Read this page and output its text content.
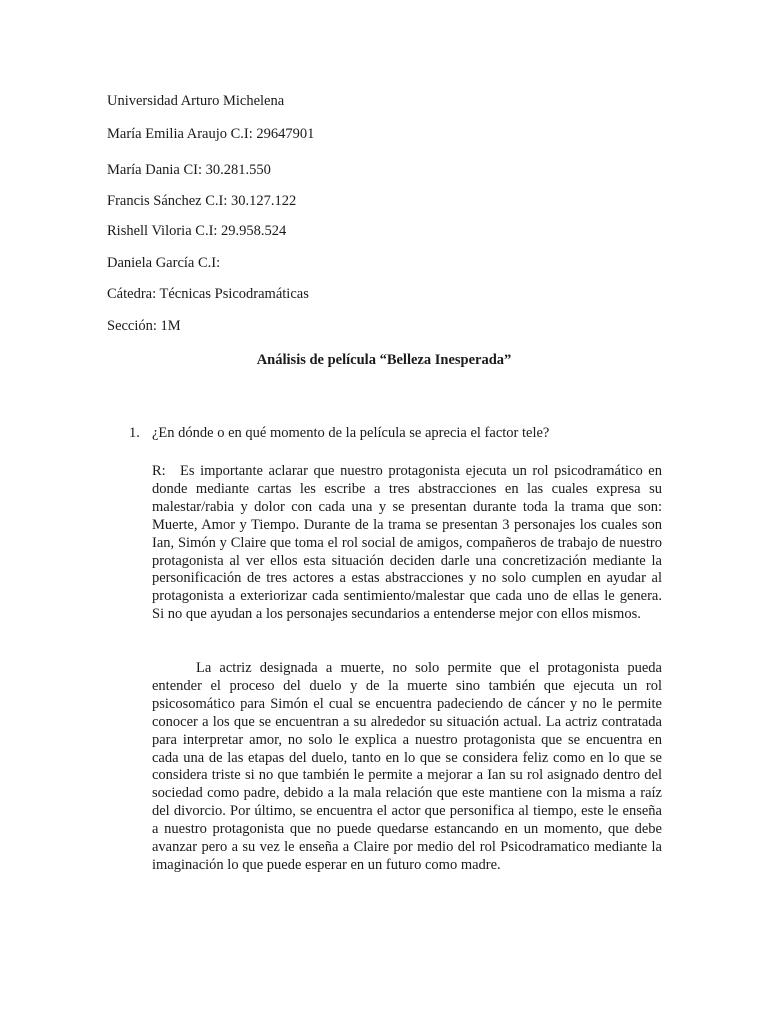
Universidad Arturo Michelena
María Emilia Araujo C.I: 29647901
María Dania CI: 30.281.550
Francis Sánchez C.I: 30.127.122
Rishell Viloria C.I: 29.958.524
Daniela García C.I:
Cátedra: Técnicas Psicodramáticas
Sección: 1M
Análisis de película “Belleza Inesperada”
1. ¿En dónde o en qué momento de la película se aprecia el factor tele?

R: Es importante aclarar que nuestro protagonista ejecuta un rol psicodramático en donde mediante cartas les escribe a tres abstracciones en las cuales expresa su malestar/rabia y dolor con cada una y se presentan durante toda la trama que son: Muerte, Amor y Tiempo. Durante de la trama se presentan 3 personajes los cuales son Ian, Simón y Claire que toma el rol social de amigos, compañeros de trabajo de nuestro protagonista al ver ellos esta situación deciden darle una concretización mediante la personificación de tres actores a estas abstracciones y no solo cumplen en ayudar al protagonista a exteriorizar cada sentimiento/malestar que cada uno de ellas le genera. Si no que ayudan a los personajes secundarios a entenderse mejor con ellos mismos.

La actriz designada a muerte, no solo permite que el protagonista pueda entender el proceso del duelo y de la muerte sino también que ejecuta un rol psicosomático para Simón el cual se encuentra padeciendo de cáncer y no le permite conocer a los que se encuentran a su alrededor su situación actual. La actriz contratada para interpretar amor, no solo le explica a nuestro protagonista que se encuentra en cada una de las etapas del duelo, tanto en lo que se considera feliz como en lo que se considera triste si no que también le permite a mejorar a Ian su rol asignado dentro del sociedad como padre, debido a la mala relación que este mantiene con la misma a raíz del divorcio. Por último, se encuentra el actor que personifica al tiempo, este le enseña a nuestro protagonista que no puede quedarse estancando en un momento, que debe avanzar pero a su vez le enseña a Claire por medio del rol Psicodramatico mediante la imaginación lo que puede esperar en un futuro como madre.
